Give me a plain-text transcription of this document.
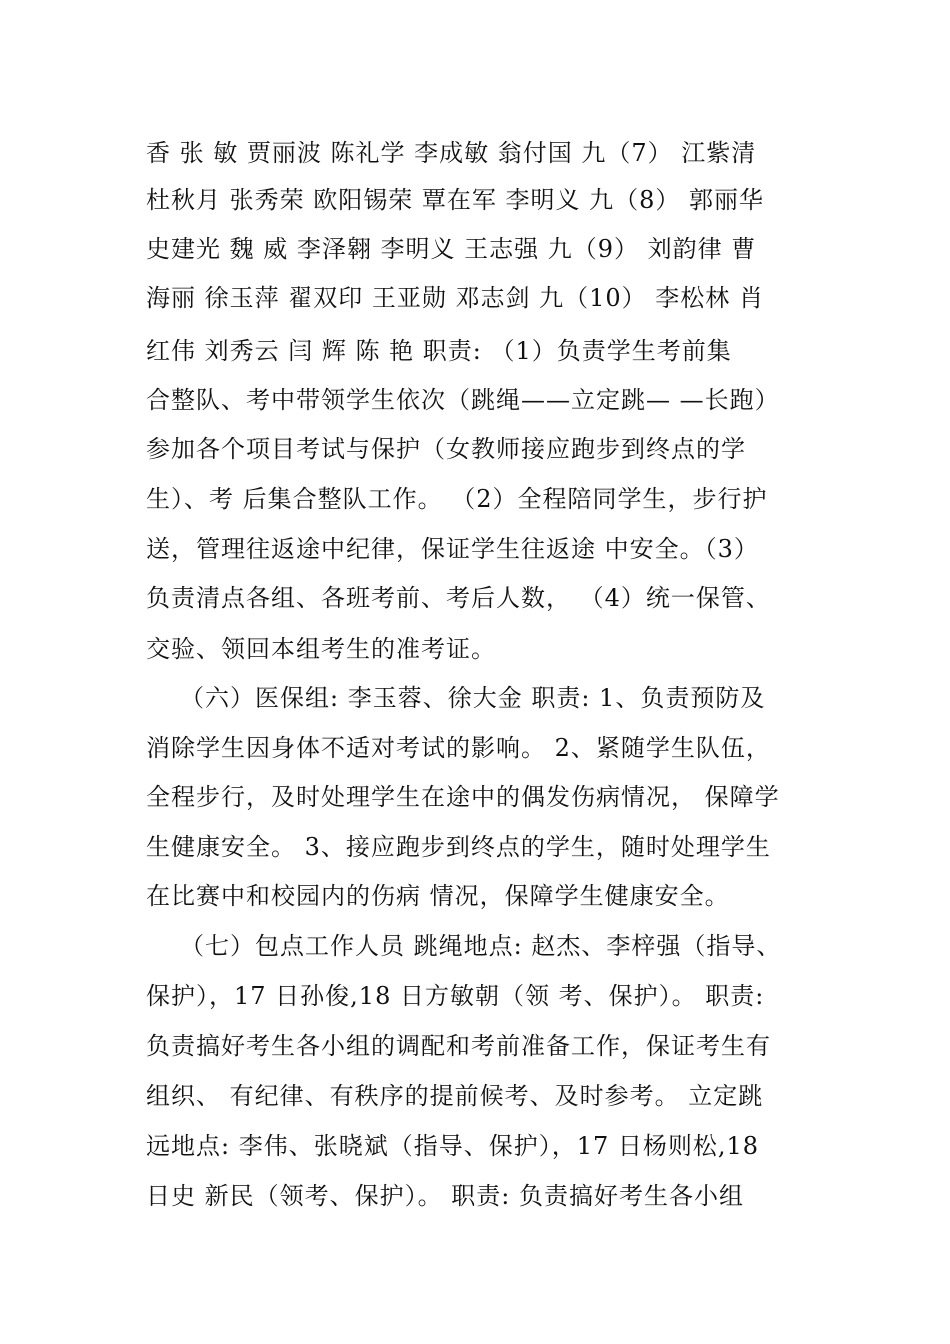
香 张 敏 贾丽波 陈礼学 李成敏 翁付国 九（7） 江紫清
杜秋月 张秀荣 欧阳锡荣 覃在军 李明义 九（8） 郭丽华
史建光 魏 威 李泽翱 李明义 王志强 九（9） 刘韵律 曹
海丽 徐玉萍 翟双印 王亚勋 邓志剑 九（10） 李松林 肖
红伟 刘秀云 闫 辉 陈 艳 职责: （1）负责学生考前集
合整队、考中带领学生依次（跳绳——立定跳— —长跑）
参加各个项目考试与保护（女教师接应跑步到终点的学
生）、考 后集合整队工作。 （2）全程陪同学生，步行护
送，管理往返途中纪律，保证学生往返途 中安全。（3）
负责清点各组、各班考前、考后人数， （4）统一保管、
交验、领回本组考生的准考证。
（六）医保组: 李玉蓉、徐大金 职责: 1、负责预防及
消除学生因身体不适对考试的影响。 2、紧随学生队伍，
全程步行，及时处理学生在途中的偶发伤病情况， 保障学
生健康安全。 3、接应跑步到终点的学生，随时处理学生
在比赛中和校园内的伤病 情况，保障学生健康安全。
（七）包点工作人员 跳绳地点: 赵杰、李梓强（指导、
保护），17 日孙俊,18 日方敏朝（领 考、保护）。 职责:
负责搞好考生各小组的调配和考前准备工作，保证考生有
组织、 有纪律、有秩序的提前候考、及时参考。 立定跳
远地点: 李伟、张晓斌（指导、保护），17 日杨则松,18
日史 新民（领考、保护）。 职责: 负责搞好考生各小组
